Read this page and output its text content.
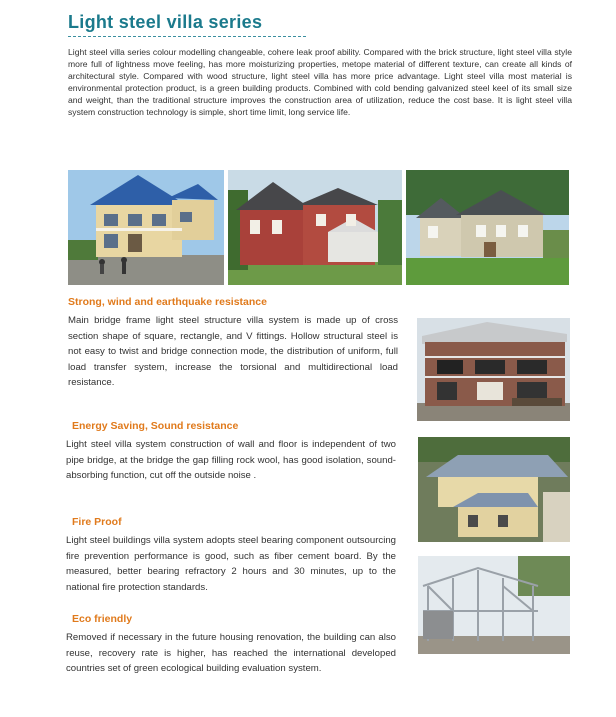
Light steel villa series
Light steel villa series colour modelling changeable, cohere leak proof ability. Compared with the brick structure, light steel villa style more full of lightness move feeling, has more moisturizing properties, metope material of different texture, can create all kinds of architectural style. Compared with wood structure, light steel villa has more price advantage. Light steel villa most material is environmental protection product, is a green building products. Combined with cold bending galvanized steel keel of its small size and weight, than the traditional structure improves the construction area of utilization, reduce the cost base. It is light steel villa system construction technology is simple, short time limit, long service life.
Strong, wind and earthquake resistance
Main bridge frame light steel structure villa system is made up of cross section shape of square, rectangle, and V fittings. Hollow structural steel is not easy to twist and bridge connection mode, the distribution of uniform, full load transfer system, increase the torsional and multidirectional load resistance.
Energy Saving, Sound resistance
Light steel villa system construction of wall and floor is independent of two pipe bridge, at the bridge the gap filling rock wool, has good isolation, sound-absorbing function, cut off the outside noise .
Fire Proof
Light steel buildings villa system adopts steel bearing component outsourcing fire prevention performance is good, such as fiber cement board. By the measured, better bearing refractory 2 hours and 30 minutes, up to the national fire protection standards.
Eco friendly
Removed if necessary in the future housing renovation, the building can also reuse, recovery rate is higher, has reached the international developed countries set of green ecological building evaluation system.
